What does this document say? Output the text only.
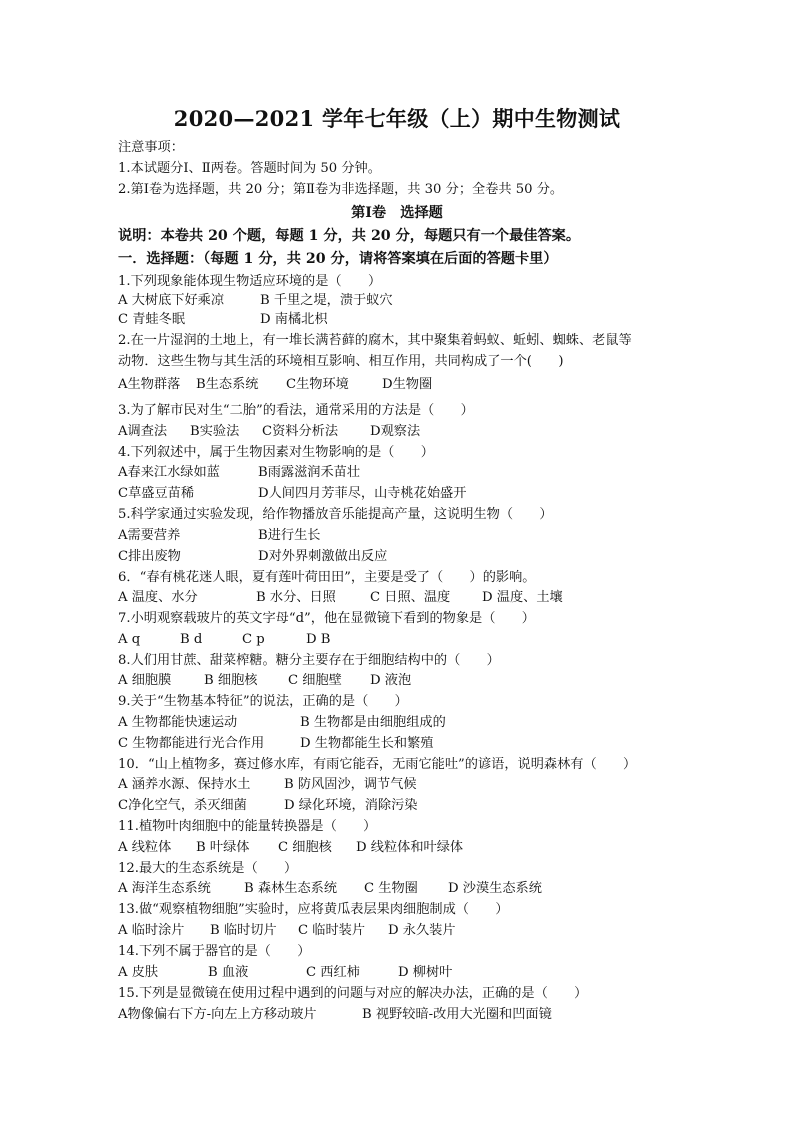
2020—2021 学年七年级（上）期中生物测试
注意事项：
1.本试题分Ⅰ、Ⅱ两卷。答题时间为 50 分钟。
2.第Ⅰ卷为选择题，共 20 分；第Ⅱ卷为非选择题，共 30 分；全卷共 50 分。
第Ⅰ卷　选择题
说明：本卷共 20 个题，每题 1 分，共 20 分，每题只有一个最佳答案。
一．选择题：（每题 1 分，共 20 分，请将答案填在后面的答题卡里）
1.下列现象能体现生物适应环境的是（　　）
A 大树底下好乘凉	B 千里之堤，溃于蚁穴
C 青蛙冬眠	D 南橘北枳
2.在一片湿润的土地上，有一堆长满苔藓的腐木，其中聚集着蚂蚁、蚯蚓、蜘蛛、老鼠等
动物．这些生物与其生活的环境相互影响、相互作用，共同构成了一个(　　)
A生物群落 B生态系统 C生物环境	D生物圈
3.为了解市民对生“二胎”的看法，通常采用的方法是（　　）
A调查法 B实验法 C资料分析法 D观察法
4.下列叙述中，属于生物因素对生物影响的是（　　）
A春来江水绿如蓝	B雨露滋润禾苗壮
C草盛豆苗稀	D人间四月芳菲尽，山寺桃花始盛开
5.科学家通过实验发现，给作物播放音乐能提高产量，这说明生物（　　）
A需要营养	B进行生长
C排出废物	D对外界刺激做出反应
6．“春有桃花迷人眼，夏有莲叶荷田田”，主要是受了（　　）的影响。
A 温度、水分	B 水分、日照	C 日照、温度 D 温度、土壤
7.小明观察载玻片的英文字母“d”，他在显微镜下看到的物象是（　　）
A q	B d	C p	D B
8.人们用甘蔗、甜菜榨糖。糖分主要存在于细胞结构中的（　　）
A 细胞膜 B 细胞核 C 细胞壁 D 液泡
9.关于“生物基本特征”的说法，正确的是（　　）
A 生物都能快速运动	B 生物都是由细胞组成的
C 生物都能进行光合作用	D 生物都能生长和繁殖
10．“山上植物多，赛过修水库，有雨它能吞，无雨它能吐”的谚语，说明森林有（　　）
A 涵养水源、保持水土	B 防风固沙，调节气候
C净化空气，杀灭细菌	D 绿化环境，消除污染
11.植物叶肉细胞中的能量转换器是（　　）
A 线粒体 B 叶绿体 C 细胞核 D 线粒体和叶绿体
12.最大的生态系统是（　　）
A 海洋生态系统	B 森林生态系统 C 生物圈 D 沙漠生态系统
13.做“观察植物细胞”实验时，应将黄瓜表层果肉细胞制成（　　）
A 临时涂片 B 临时切片 C 临时装片 D 永久装片
14.下列不属于器官的是（　　）
A 皮肤	B 血液	C 西红柿	D 柳树叶
15.下列是显微镜在使用过程中遇到的问题与对应的解决办法，正确的是（　　）
A物像偏右下方-向左上方移动玻片	B 视野较暗-改用大光圈和凹面镜
